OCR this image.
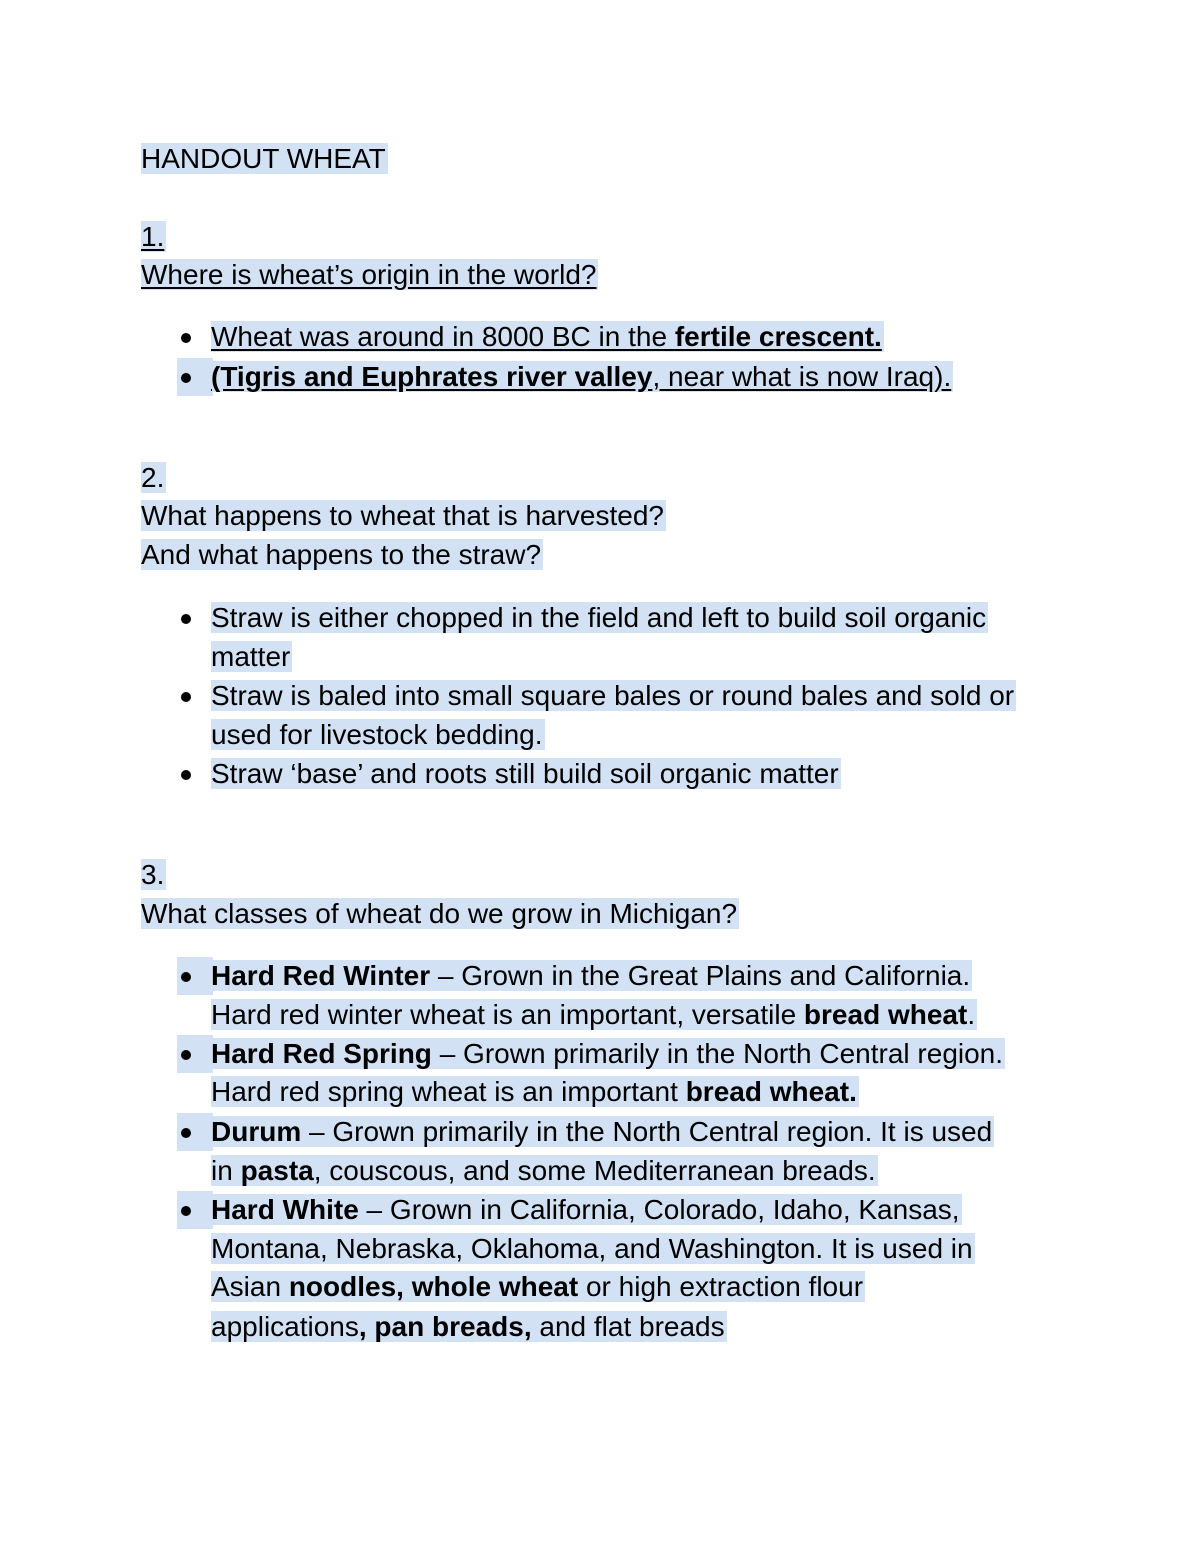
HANDOUT WHEAT
1.
Where is wheat’s origin in the world?
Wheat was around in 8000 BC in the fertile crescent.
(Tigris and Euphrates river valley, near what is now Iraq).
2.
What happens to wheat that is harvested?
And what happens to the straw?
Straw is either chopped in the field and left to build soil organic
matter
Straw is baled into small square bales or round bales and sold or
used for livestock bedding.
Straw ‘base’ and roots still build soil organic matter
3.
What classes of wheat do we grow in Michigan?
Hard Red Winter – Grown in the Great Plains and California.
Hard red winter wheat is an important, versatile bread wheat.
Hard Red Spring – Grown primarily in the North Central region.
Hard red spring wheat is an important bread wheat.
Durum – Grown primarily in the North Central region. It is used
in pasta, couscous, and some Mediterranean breads.
Hard White – Grown in California, Colorado, Idaho, Kansas,
Montana, Nebraska, Oklahoma, and Washington. It is used in
Asian noodles, whole wheat or high extraction flour
applications, pan breads, and flat breads
